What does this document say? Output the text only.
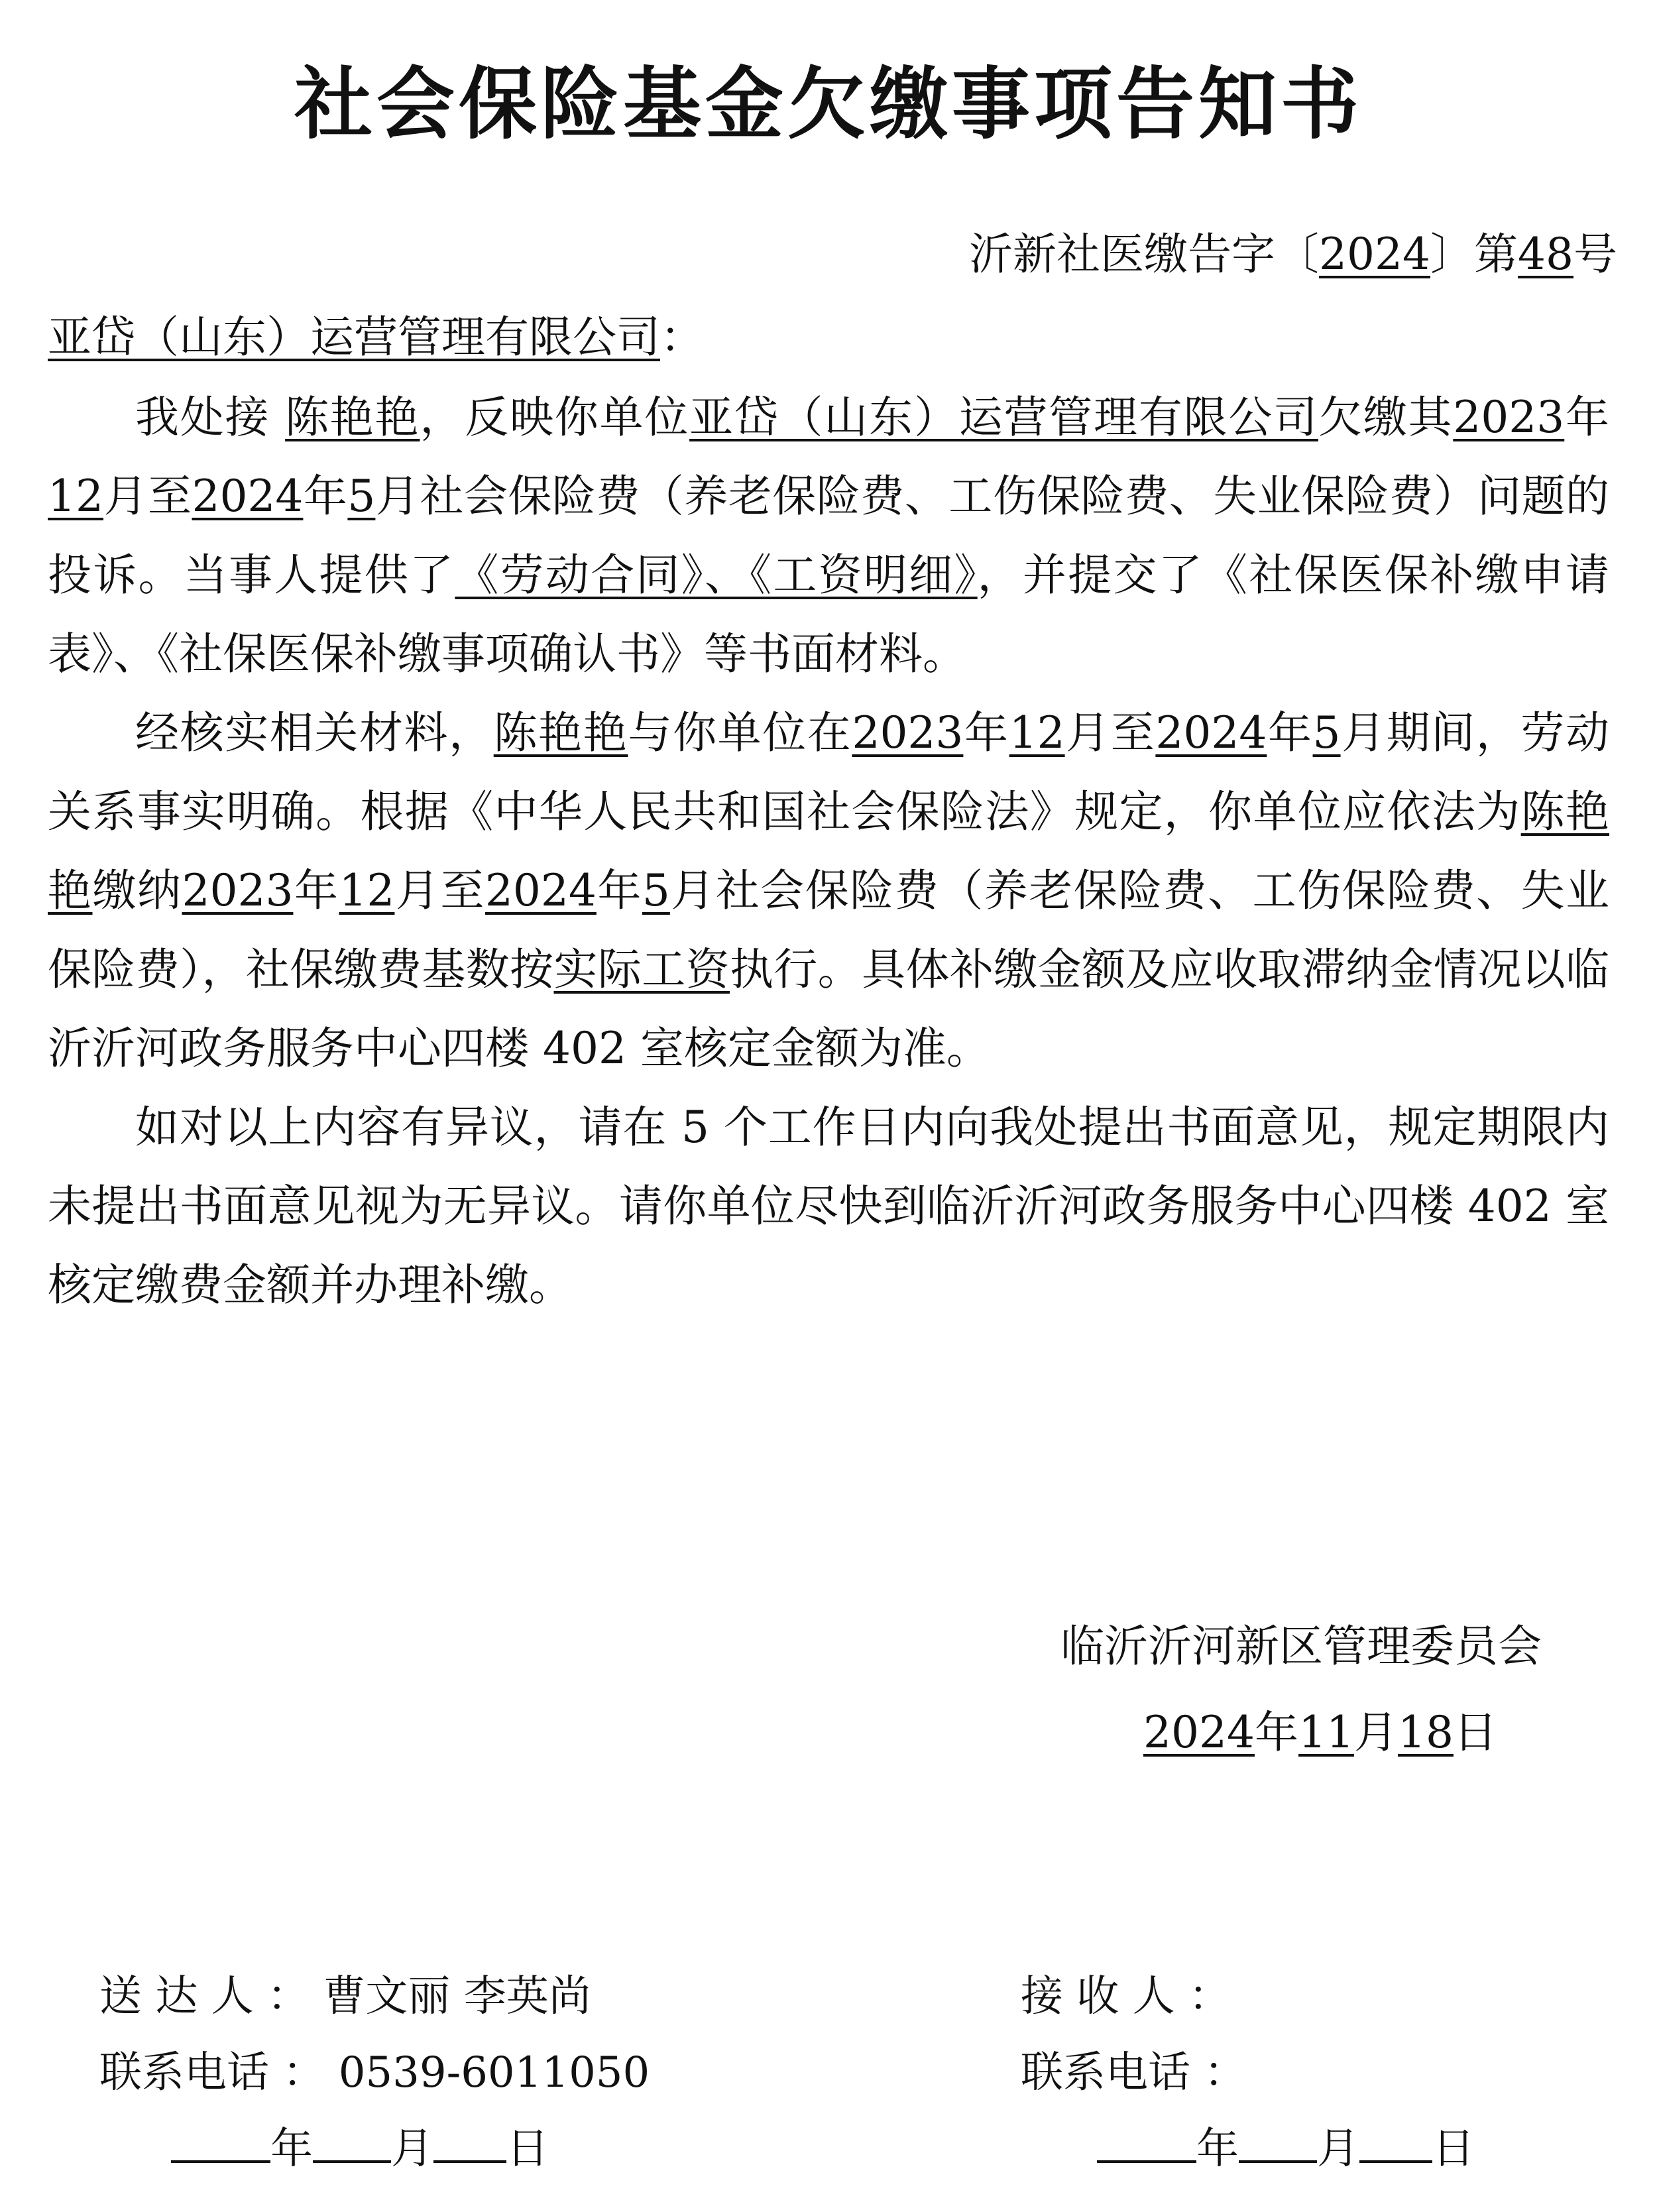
社会保险基金欠缴事项告知书
沂新社医缴告字〔2024〕第48号
亚岱（山东）运营管理有限公司：

我处接 陈艳艳，反映你单位亚岱（山东）运营管理有限公司欠缴其2023年12月至2024年5月社会保险费（养老保险费、工伤保险费、失业保险费）问题的投诉。当事人提供了《劳动合同》、《工资明细》，并提交了《社保医保补缴申请表》、《社保医保补缴事项确认书》等书面材料。

经核实相关材料，陈艳艳与你单位在2023年12月至2024年5月期间，劳动关系事实明确。根据《中华人民共和国社会保险法》规定，你单位应依法为陈艳艳缴纳2023年12月至2024年5月社会保险费（养老保险费、工伤保险费、失业保险费），社保缴费基数按实际工资执行。具体补缴金额及应收取滞纳金情况以临沂沂河政务服务中心四楼 402 室核定金额为准。

如对以上内容有异议，请在 5 个工作日内向我处提出书面意见，规定期限内未提出书面意见视为无异议。请你单位尽快到临沂沂河政务服务中心四楼 402 室核定缴费金额并办理补缴。

临沂沂河新区管理委员会
2024年11月18日
送 达 人 ： 曹文丽 李英尚
联系电话 ： 0539-6011050
年 月 日
接 收 人 ：
联系电话 ：
年 月 日
